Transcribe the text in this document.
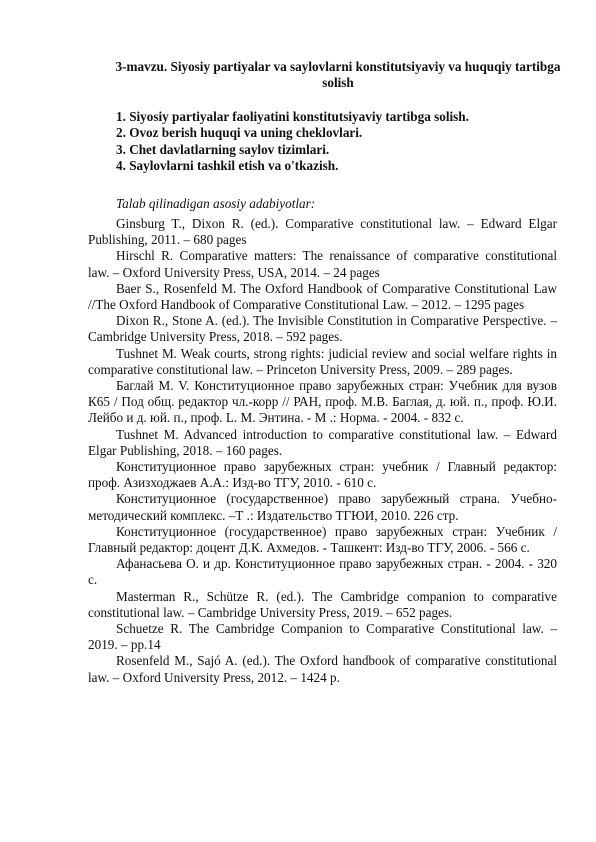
3-mavzu. Siyosiy partiyalar va saylovlarni konstitutsiyaviy va huquqiy tartibga solish
1. Siyosiy partiyalar faoliyatini konstitutsiyaviy tartibga solish.
2. Ovoz berish huquqi va uning cheklovlari.
3. Chet davlatlarning saylov tizimlari.
4. Saylovlarni tashkil etish va o'tkazish.
Talab qilinadigan asosiy adabiyotlar:

Ginsburg T., Dixon R. (ed.). Comparative constitutional law. – Edward Elgar Publishing, 2011. – 680 pages

Hirschl R. Comparative matters: The renaissance of comparative constitutional law. – Oxford University Press, USA, 2014. – 24 pages

Baer S., Rosenfeld M. The Oxford Handbook of Comparative Constitutional Law //The Oxford Handbook of Comparative Constitutional Law. – 2012. – 1295 pages

Dixon R., Stone A. (ed.). The Invisible Constitution in Comparative Perspective. – Cambridge University Press, 2018. – 592 pages.

Tushnet M. Weak courts, strong rights: judicial review and social welfare rights in comparative constitutional law. – Princeton University Press, 2009. – 289 pages.

Баглай М. V. Конституционное право зарубежных стран: Учебник для вузов К65 / Под общ. редактор чл.-корр // РАН, проф. М.В. Баглая, д. юй. п., проф. Ю.И. Лейбо и д. юй. п., проф. L. М. Энтина. - М .: Норма. - 2004. - 832 с.

Tushnet M. Advanced introduction to comparative constitutional law. – Edward Elgar Publishing, 2018. – 160 pages.

Конституционное право зарубежных стран: учебник / Главный редактор: проф. Азизходжаев А.А.: Изд-во ТГУ, 2010. - 610 с.

Конституционное (государственное) право зарубежный страна. Учебно-методический комплекс. –Т .: Издательство ТГЮИ, 2010. 226 стр.

Конституционное (государственное) право зарубежных стран: Учебник / Главный редактор: доцент Д.К. Ахмедов. - Ташкент: Изд-во ТГУ, 2006. - 566 с.

Афанасьева О. и др. Конституционное право зарубежных стран. - 2004. - 320 с.

Masterman R., Schütze R. (ed.). The Cambridge companion to comparative constitutional law. – Cambridge University Press, 2019. – 652 pages.

Schuetze R. The Cambridge Companion to Comparative Constitutional law. – 2019. – pp.14

Rosenfeld M., Sajó A. (ed.). The Oxford handbook of comparative constitutional law. – Oxford University Press, 2012. – 1424 p.
